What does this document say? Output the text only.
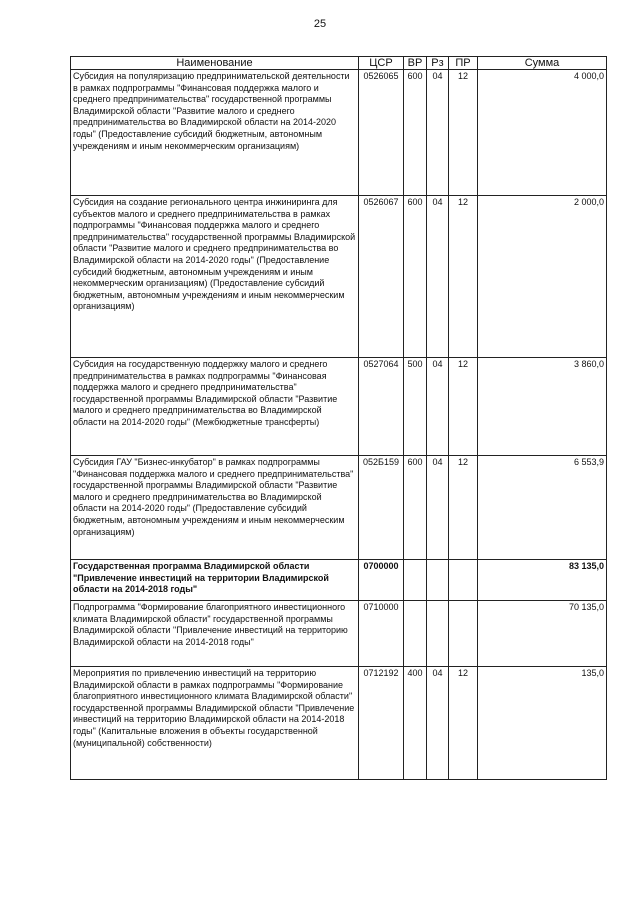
25
Наименование	ЦСР	ВР	Рз	ПР	Сумма
Субсидия на популяризацию предпринимательской деятельности в рамках подпрограммы "Финансовая поддержка малого и среднего предпринимательства" государственной программы Владимирской области "Развитие малого и среднего предпринимательства во Владимирской области на 2014-2020 годы" (Предоставление субсидий бюджетным, автономным учреждениям и иным некоммерческим организациям)	0526065	600	04	12	4 000,0
Субсидия на создание регионального центра инжиниринга для субъектов малого и среднего предпринимательства в рамках подпрограммы "Финансовая поддержка малого и среднего предпринимательства" государственной программы Владимирской области "Развитие малого и среднего предпринимательства во Владимирской области на 2014-2020 годы" (Предоставление субсидий бюджетным, автономным учреждениям и иным некоммерческим организациям) (Предоставление субсидий бюджетным, автономным учреждениям и иным некоммерческим организациям)	0526067	600	04	12	2 000,0
Субсидия на государственную поддержку малого и среднего предпринимательства в рамках подпрограммы "Финансовая поддержка малого и среднего предпринимательства" государственной программы Владимирской области "Развитие малого и среднего предпринимательства во Владимирской области на 2014-2020 годы" (Межбюджетные трансферты)	0527064	500	04	12	3 860,0
Субсидия ГАУ "Бизнес-инкубатор" в рамках подпрограммы "Финансовая поддержка малого и среднего предпринимательства" государственной программы Владимирской области "Развитие малого и среднего предпринимательства во Владимирской области на 2014-2020 годы" (Предоставление субсидий бюджетным, автономным учреждениям и иным некоммерческим организациям)	052Б159	600	04	12	6 553,9
Государственная программа Владимирской области "Привлечение инвестиций на территории Владимирской области на 2014-2018 годы"	0700000				83 135,0
Подпрограмма "Формирование благоприятного инвестиционного климата Владимирской области" государственной программы Владимирской области "Привлечение инвестиций на территорию Владимирской области на 2014-2018 годы"	0710000				70 135,0
Мероприятия по привлечению инвестиций на территорию Владимирской области в рамках подпрограммы "Формирование благоприятного инвестиционного климата Владимирской области" государственной программы Владимирской области "Привлечение инвестиций на территорию Владимирской области на 2014-2018 годы" (Капитальные вложения в объекты государственной (муниципальной) собственности)	0712192	400	04	12	135,0
